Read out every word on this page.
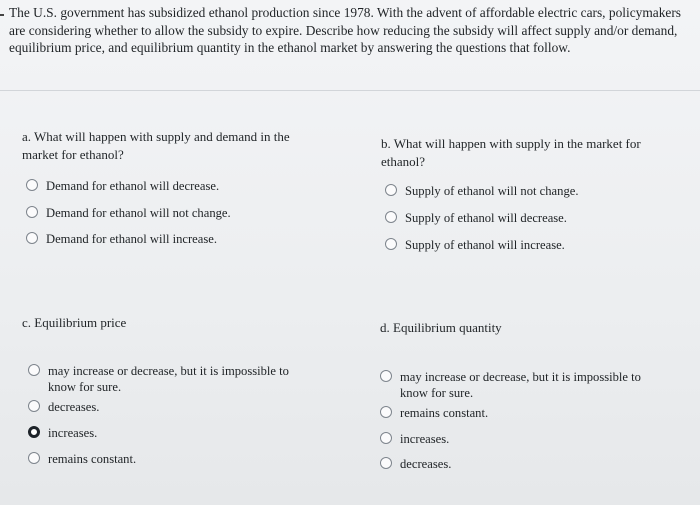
The U.S. government has subsidized ethanol production since 1978. With the advent of affordable electric cars, policymakers are considering whether to allow the subsidy to expire. Describe how reducing the subsidy will affect supply and/or demand, equilibrium price, and equilibrium quantity in the ethanol market by answering the questions that follow.
a. What will happen with supply and demand in the market for ethanol?
Demand for ethanol will decrease.
Demand for ethanol will not change.
Demand for ethanol will increase.
b. What will happen with supply in the market for ethanol?
Supply of ethanol will not change.
Supply of ethanol will decrease.
Supply of ethanol will increase.
c. Equilibrium price
may increase or decrease, but it is impossible to know for sure.
decreases.
increases.
remains constant.
d. Equilibrium quantity
may increase or decrease, but it is impossible to know for sure.
remains constant.
increases.
decreases.
